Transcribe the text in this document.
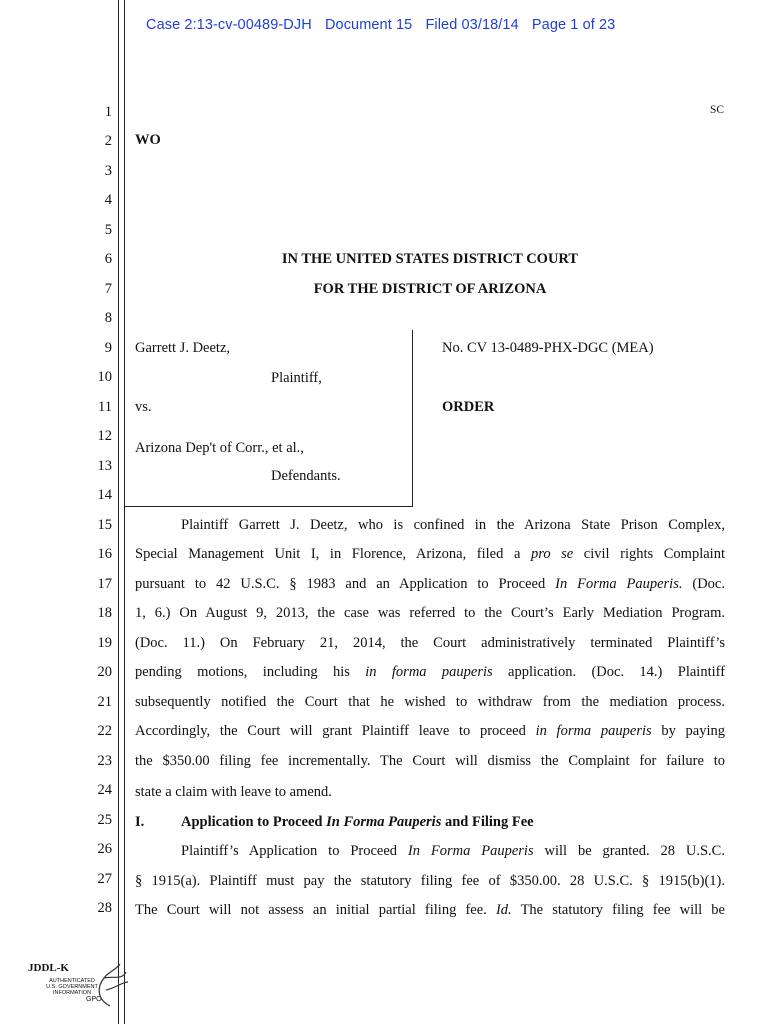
Case 2:13-cv-00489-DJH Document 15 Filed 03/18/14 Page 1 of 23
1
2
3
4
5
6
7
8
9
10
11
12
13
14
15
16
17
18
19
20
21
22
23
24
25
26
27
28
SC
WO
IN THE UNITED STATES DISTRICT COURT
FOR THE DISTRICT OF ARIZONA
Garrett J. Deetz,
Plaintiff,
vs.
Arizona Dep't of Corr., et al.,
Defendants.
No. CV 13-0489-PHX-DGC (MEA)
ORDER
Plaintiff Garrett J. Deetz, who is confined in the Arizona State Prison Complex,
Special Management Unit I, in Florence, Arizona, filed a pro se civil rights Complaint
pursuant to 42 U.S.C. § 1983 and an Application to Proceed In Forma Pauperis. (Doc.
1, 6.) On August 9, 2013, the case was referred to the Court’s Early Mediation Program.
(Doc. 11.) On February 21, 2014, the Court administratively terminated Plaintiff’s
pending motions, including his in forma pauperis application. (Doc. 14.) Plaintiff
subsequently notified the Court that he wished to withdraw from the mediation process.
Accordingly, the Court will grant Plaintiff leave to proceed in forma pauperis by paying
the $350.00 filing fee incrementally. The Court will dismiss the Complaint for failure to
state a claim with leave to amend.
I.	Application to Proceed In Forma Pauperis and Filing Fee
Plaintiff’s Application to Proceed In Forma Pauperis will be granted. 28 U.S.C.
§ 1915(a). Plaintiff must pay the statutory filing fee of $350.00. 28 U.S.C. § 1915(b)(1).
The Court will not assess an initial partial filing fee. Id. The statutory filing fee will be
JDDL-K
AUTHENTICATED
U.S. GOVERNMENT
INFORMATION
GPO
